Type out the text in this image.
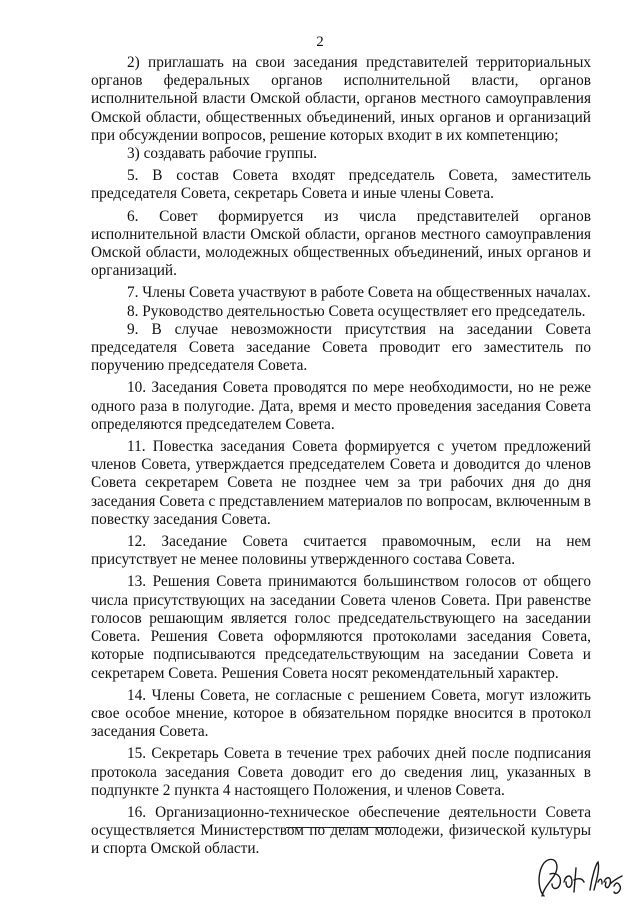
2

2) приглашать на свои заседания представителей территориальных органов федеральных органов исполнительной власти, органов исполнительной власти Омской области, органов местного самоуправления Омской области, общественных объединений, иных органов и организаций при обсуждении вопросов, решение которых входит в их компетенцию;

3) создавать рабочие группы.

5. В состав Совета входят председатель Совета, заместитель председателя Совета, секретарь Совета и иные члены Совета.

6. Совет формируется из числа представителей органов исполнительной власти Омской области, органов местного самоуправления Омской области, молодежных общественных объединений, иных органов и организаций.

7. Члены Совета участвуют в работе Совета на общественных началах.

8. Руководство деятельностью Совета осуществляет его председатель.

9. В случае невозможности присутствия на заседании Совета председателя Совета заседание Совета проводит его заместитель по поручению председателя Совета.

10. Заседания Совета проводятся по мере необходимости, но не реже одного раза в полугодие. Дата, время и место проведения заседания Совета определяются председателем Совета.

11. Повестка заседания Совета формируется с учетом предложений членов Совета, утверждается председателем Совета и доводится до членов Совета секретарем Совета не позднее чем за три рабочих дня до дня заседания Совета с представлением материалов по вопросам, включенным в повестку заседания Совета.

12. Заседание Совета считается правомочным, если на нем присутствует не менее половины утвержденного состава Совета.

13. Решения Совета принимаются большинством голосов от общего числа присутствующих на заседании Совета членов Совета. При равенстве голосов решающим является голос председательствующего на заседании Совета. Решения Совета оформляются протоколами заседания Совета, которые подписываются председательствующим на заседании Совета и секретарем Совета. Решения Совета носят рекомендательный характер.

14. Члены Совета, не согласные с решением Совета, могут изложить свое особое мнение, которое в обязательном порядке вносится в протокол заседания Совета.

15. Секретарь Совета в течение трех рабочих дней после подписания протокола заседания Совета доводит его до сведения лиц, указанных в подпункте 2 пункта 4 настоящего Положения, и членов Совета.

16. Организационно-техническое обеспечение деятельности Совета осуществляется Министерством по делам молодежи, физической культуры и спорта Омской области.
